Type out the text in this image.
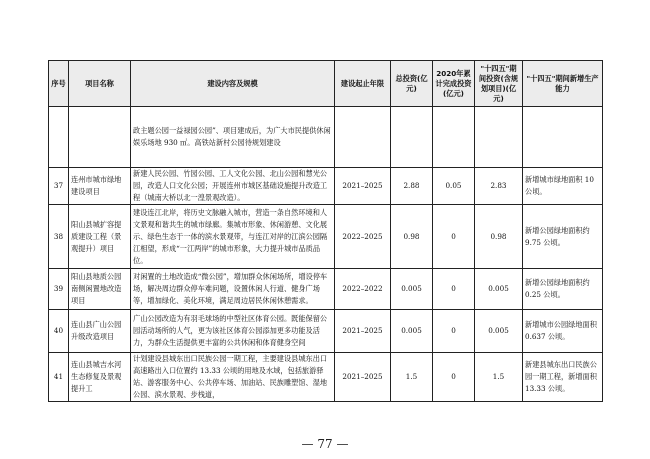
序号	项目名称	建设内容及规模	建设起止年限	总投资(亿元)	2020年累计完成投资(亿元)	"十四五"期间投资(含规划项目)(亿元)	"十四五"期间新增生产能力
		政主题公园一益禄园公园”、项目建成后，为广大市民提供休闲娱乐场地 930 ㎡。高铁站新村公园待规划建设					
37	连州市城市绿地建设项目	新建人民公园、竹园公园、工人文化公园、北山公园和慧光公园，改造人口文化公园；开展连州市城区基础设施提升改造工程（城南大桥以北一湟景观改造）。	2021–2025	2.88	0.05	2.83	新增城市绿地面积 10 公顷。
38	阳山县城扩容提质建设工程（景观提升）项目	建设连江北岸，将历史文脉融入城市，营造一条自然环境和人文景观和谐共生的城市绿廊。集城市形象、休闲游憩、文化展示、绿色生态于一体的滨水景观带，与连江对岸的江滨公园隔江相望，形成“一江两岸”的城市形象，大力提升城市品质品位。	2022–2025	0.98	0	0.98	新增公园绿地面积约 9.75 公顷。
39	阳山县地质公园南侧闲置地改造项目	对闲置的土地改造成“微公园”，增加群众休闲场所，增设停车场，解决周边群众停车难问题，设置休闲人行道、健身广场等，增加绿化、美化环境，满足周边居民休闲休憩需求。	2022–2022	0.005	0	0.005	新增公园绿地面积约0.25 公顷。
40	连山县广山公园升级改造项目	广山公园改造为有羽毛球场的中型社区体育公园。既能保留公园活动场所的人气，更为该社区体育公园添加更多功能及活力，为群众生活提供更丰富的公共休闲和体育健身空间	2021–2025	0.005	0	0.005	新增城市公园绿地面积 0.637 公顷。
41	连山县城吉水河生态修复及景观提升工	计划建设县城东出口民族公园一期工程，主要建设县城东出口高速路出入口位置约 13.33 公顷的用地及水域，包括旅游驿站、游客服务中心、公共停车场、加油站、民族雕塑馆、湿地公园、滨水景观、步栈道，	2021–2025	1.5	0	1.5	新建县城东出口民族公园一期工程，新增面积 13.33 公顷。
— 77 —
